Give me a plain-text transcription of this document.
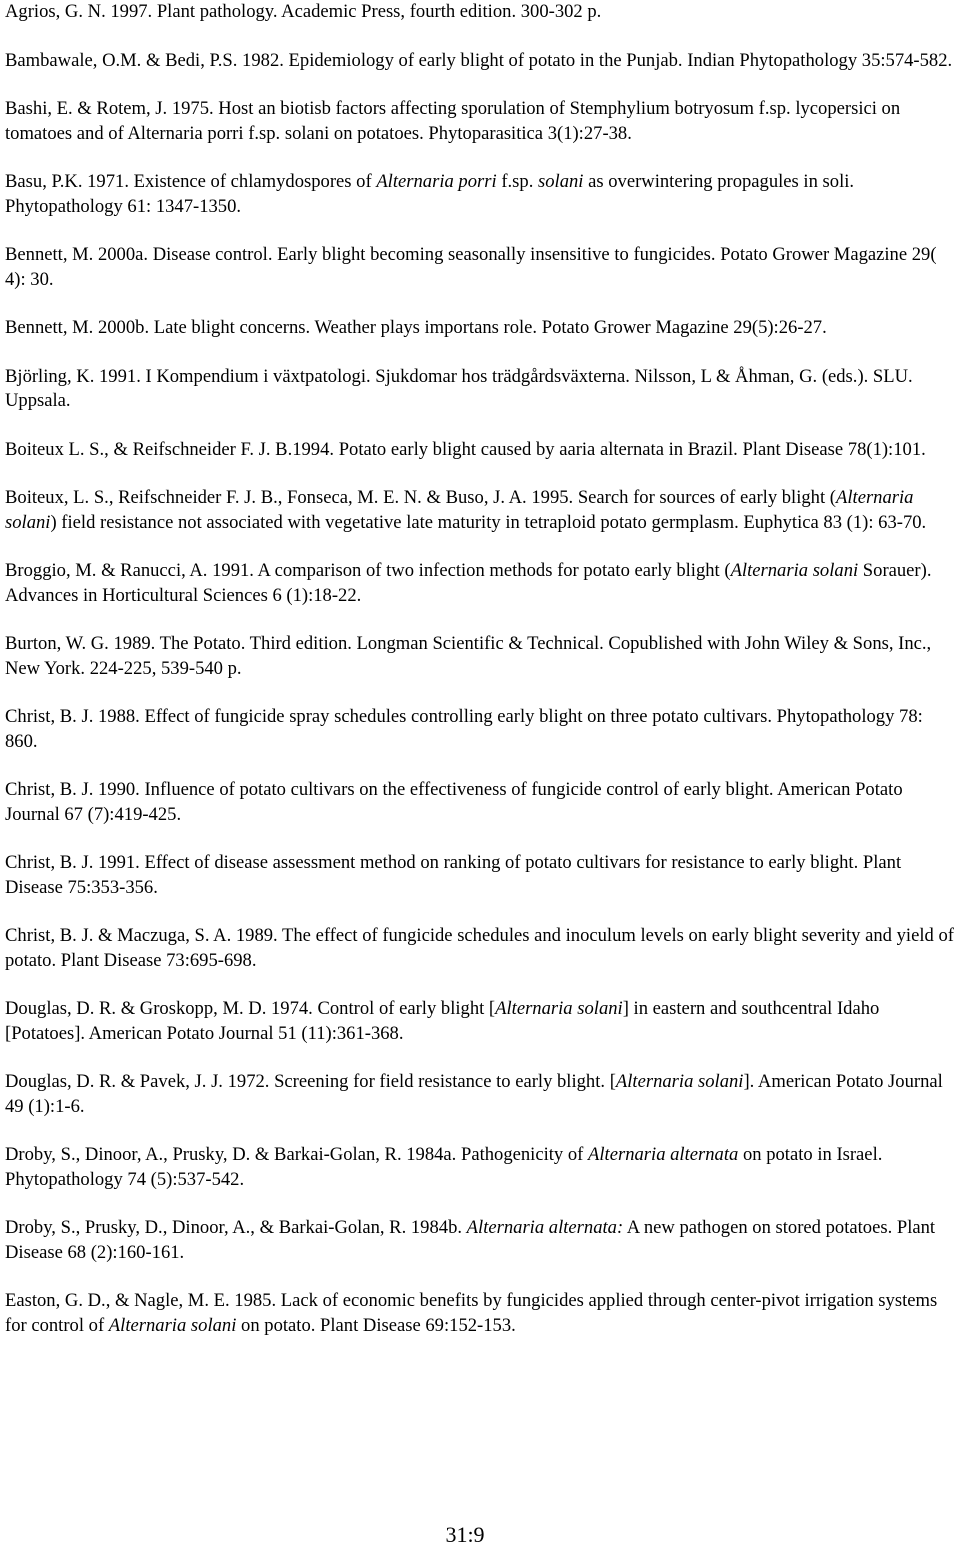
Agrios, G. N. 1997. Plant pathology. Academic Press, fourth edition. 300-302 p.
Bambawale, O.M. & Bedi, P.S. 1982. Epidemiology of early blight of potato in the Punjab. Indian Phytopathology 35:574-582.
Bashi, E. & Rotem, J. 1975. Host an biotisb factors affecting sporulation of Stemphylium botryosum f.sp. lycopersici on tomatoes and of Alternaria porri f.sp. solani on potatoes. Phytoparasitica 3(1):27-38.
Basu, P.K. 1971. Existence of chlamydospores of Alternaria porri f.sp. solani as overwintering propagules in soli. Phytopathology 61: 1347-1350.
Bennett, M. 2000a. Disease control. Early blight becoming seasonally insensitive to fungicides. Potato Grower Magazine 29( 4): 30.
Bennett, M. 2000b. Late blight concerns. Weather plays importans role. Potato Grower Magazine 29(5):26-27.
Björling, K. 1991. I Kompendium i växtpatologi. Sjukdomar hos trädgårdsväxterna. Nilsson, L & Åhman, G. (eds.). SLU. Uppsala.
Boiteux L. S., & Reifschneider F. J. B.1994. Potato early blight caused by aaria alternata in Brazil. Plant Disease 78(1):101.
Boiteux, L. S., Reifschneider F. J. B., Fonseca, M. E. N. & Buso, J. A. 1995. Search for sources of early blight (Alternaria solani) field resistance not associated with vegetative late maturity in tetraploid potato germplasm. Euphytica 83 (1): 63-70.
Broggio, M. & Ranucci, A. 1991. A comparison of two infection methods for potato early blight (Alternaria solani Sorauer). Advances in Horticultural Sciences 6 (1):18-22.
Burton, W. G. 1989. The Potato. Third edition. Longman Scientific & Technical. Copublished with John Wiley & Sons, Inc., New York. 224-225, 539-540 p.
Christ, B. J. 1988. Effect of fungicide spray schedules controlling early blight on three potato cultivars. Phytopathology 78: 860.
Christ, B. J. 1990. Influence of potato cultivars on the effectiveness of fungicide control of early blight. American Potato Journal 67 (7):419-425.
Christ, B. J. 1991. Effect of disease assessment method on ranking of potato cultivars for resistance to early blight. Plant Disease 75:353-356.
Christ, B. J. & Maczuga, S. A. 1989. The effect of fungicide schedules and inoculum levels on early blight severity and yield of potato. Plant Disease 73:695-698.
Douglas, D. R. & Groskopp, M. D. 1974. Control of early blight [Alternaria solani] in eastern and southcentral Idaho [Potatoes]. American Potato Journal 51 (11):361-368.
Douglas, D. R. & Pavek, J. J. 1972. Screening for field resistance to early blight. [Alternaria solani]. American Potato Journal 49 (1):1-6.
Droby, S., Dinoor, A., Prusky, D. & Barkai-Golan, R. 1984a. Pathogenicity of Alternaria alternata on potato in Israel. Phytopathology 74 (5):537-542.
Droby, S., Prusky, D., Dinoor, A., & Barkai-Golan, R. 1984b. Alternaria alternata: A new pathogen on stored potatoes. Plant Disease 68 (2):160-161.
Easton, G. D., & Nagle, M. E. 1985. Lack of economic benefits by fungicides applied through center-pivot irrigation systems for control of Alternaria solani on potato. Plant Disease 69:152-153.
31:9
